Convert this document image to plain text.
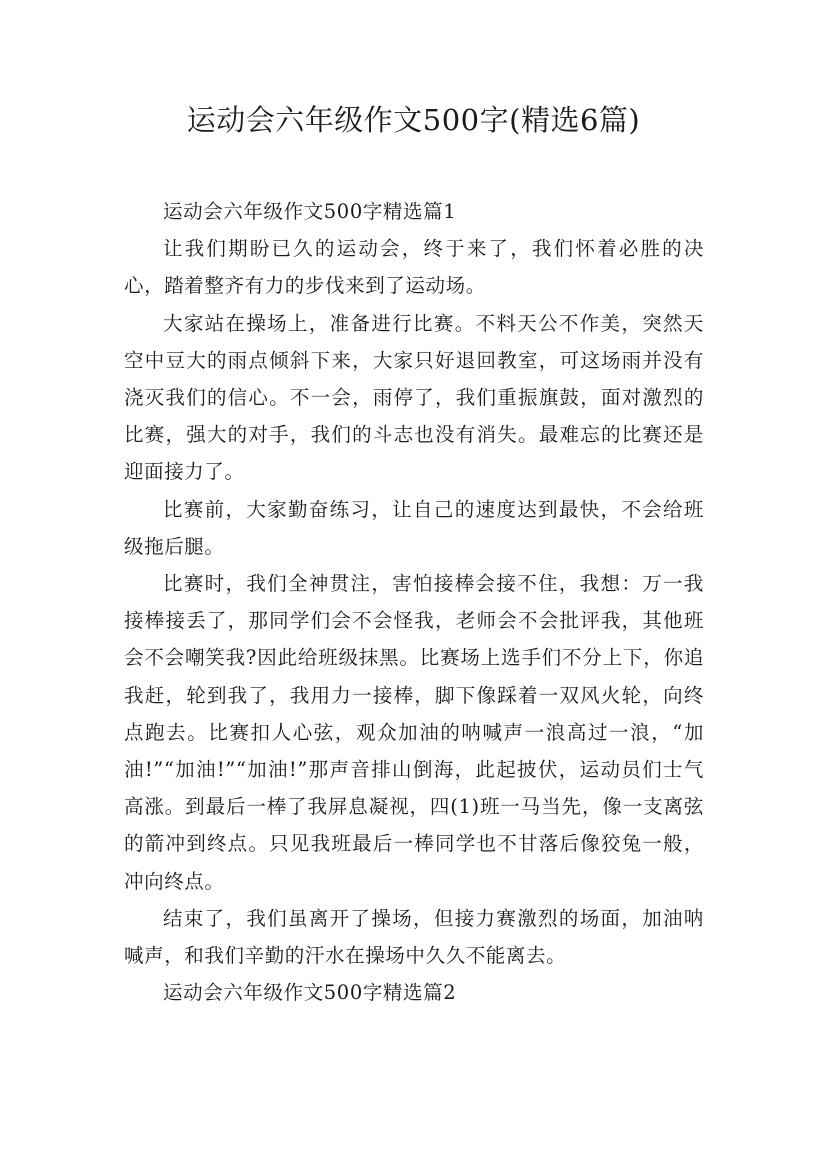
运动会六年级作文500字(精选6篇)

运动会六年级作文500字精选篇1

让我们期盼已久的运动会，终于来了，我们怀着必胜的决心，踏着整齐有力的步伐来到了运动场。

大家站在操场上，准备进行比赛。不料天公不作美，突然天空中豆大的雨点倾斜下来，大家只好退回教室，可这场雨并没有浇灭我们的信心。不一会，雨停了，我们重振旗鼓，面对激烈的比赛，强大的对手，我们的斗志也没有消失。最难忘的比赛还是迎面接力了。

比赛前，大家勤奋练习，让自己的速度达到最快，不会给班级拖后腿。

比赛时，我们全神贯注，害怕接棒会接不住，我想：万一我接棒接丢了，那同学们会不会怪我，老师会不会批评我，其他班会不会嘲笑我?因此给班级抹黑。比赛场上选手们不分上下，你追我赶，轮到我了，我用力一接棒，脚下像踩着一双风火轮，向终点跑去。比赛扣人心弦，观众加油的呐喊声一浪高过一浪，“加油!”“加油!”“加油!”那声音排山倒海，此起披伏，运动员们士气高涨。到最后一棒了我屏息凝视，四(1)班一马当先，像一支离弦的箭冲到终点。只见我班最后一棒同学也不甘落后像狡兔一般，冲向终点。

结束了，我们虽离开了操场，但接力赛激烈的场面，加油呐喊声，和我们辛勤的汗水在操场中久久不能离去。

运动会六年级作文500字精选篇2
